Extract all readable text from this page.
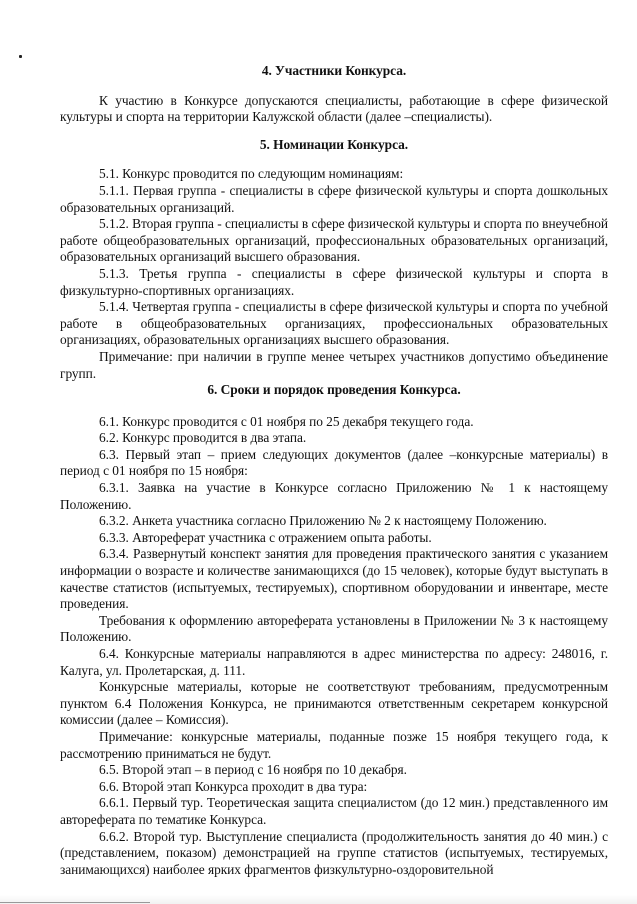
4. Участники Конкурса.

К участию в Конкурсе допускаются специалисты, работающие в сфере физической культуры и спорта на территории Калужской области (далее –специалисты).

5. Номинации Конкурса.

5.1. Конкурс проводится по следующим номинациям:

5.1.1. Первая группа - специалисты в сфере физической культуры и спорта дошкольных образовательных организаций.

5.1.2. Вторая группа - специалисты в сфере физической культуры и спорта по внеучебной работе общеобразовательных организаций, профессиональных образовательных организаций, образовательных организаций высшего образования.

5.1.3. Третья группа - специалисты в сфере физической культуры и спорта в физкультурно-спортивных организациях.

5.1.4. Четвертая группа - специалисты в сфере физической культуры и спорта по учебной работе в общеобразовательных организациях, профессиональных образовательных организациях, образовательных организациях высшего образования.

Примечание: при наличии в группе менее четырех участников допустимо объединение групп.

6. Сроки и порядок проведения Конкурса.

6.1. Конкурс проводится с 01 ноября по 25 декабря текущего года.

6.2. Конкурс проводится в два этапа.

6.3. Первый этап – прием следующих документов (далее –конкурсные материалы) в период с 01 ноября по 15 ноября:

6.3.1. Заявка на участие в Конкурсе согласно Приложению № 1 к настоящему Положению.

6.3.2. Анкета участника согласно Приложению № 2 к настоящему Положению.

6.3.3. Автореферат участника с отражением опыта работы.

6.3.4. Развернутый конспект занятия для проведения практического занятия с указанием информации о возрасте и количестве занимающихся (до 15 человек), которые будут выступать в качестве статистов (испытуемых, тестируемых), спортивном оборудовании и инвентаре, месте проведения.

Требования к оформлению автореферата установлены в Приложении № 3 к настоящему Положению.

6.4. Конкурсные материалы направляются в адрес министерства по адресу: 248016, г. Калуга, ул. Пролетарская, д. 111.

Конкурсные материалы, которые не соответствуют требованиям, предусмотренным пунктом 6.4 Положения Конкурса, не принимаются ответственным секретарем конкурсной комиссии (далее – Комиссия).

Примечание: конкурсные материалы, поданные позже 15 ноября текущего года, к рассмотрению приниматься не будут.

6.5. Второй этап – в период с 16 ноября по 10 декабря.

6.6. Второй этап Конкурса проходит в два тура:

6.6.1. Первый тур. Теоретическая защита специалистом (до 12 мин.) представленного им автореферата по тематике Конкурса.

6.6.2. Второй тур. Выступление специалиста (продолжительность занятия до 40 мин.) с (представлением, показом) демонстрацией на группе статистов (испытуемых, тестируемых, занимающихся) наиболее ярких фрагментов физкультурно-оздоровительной
